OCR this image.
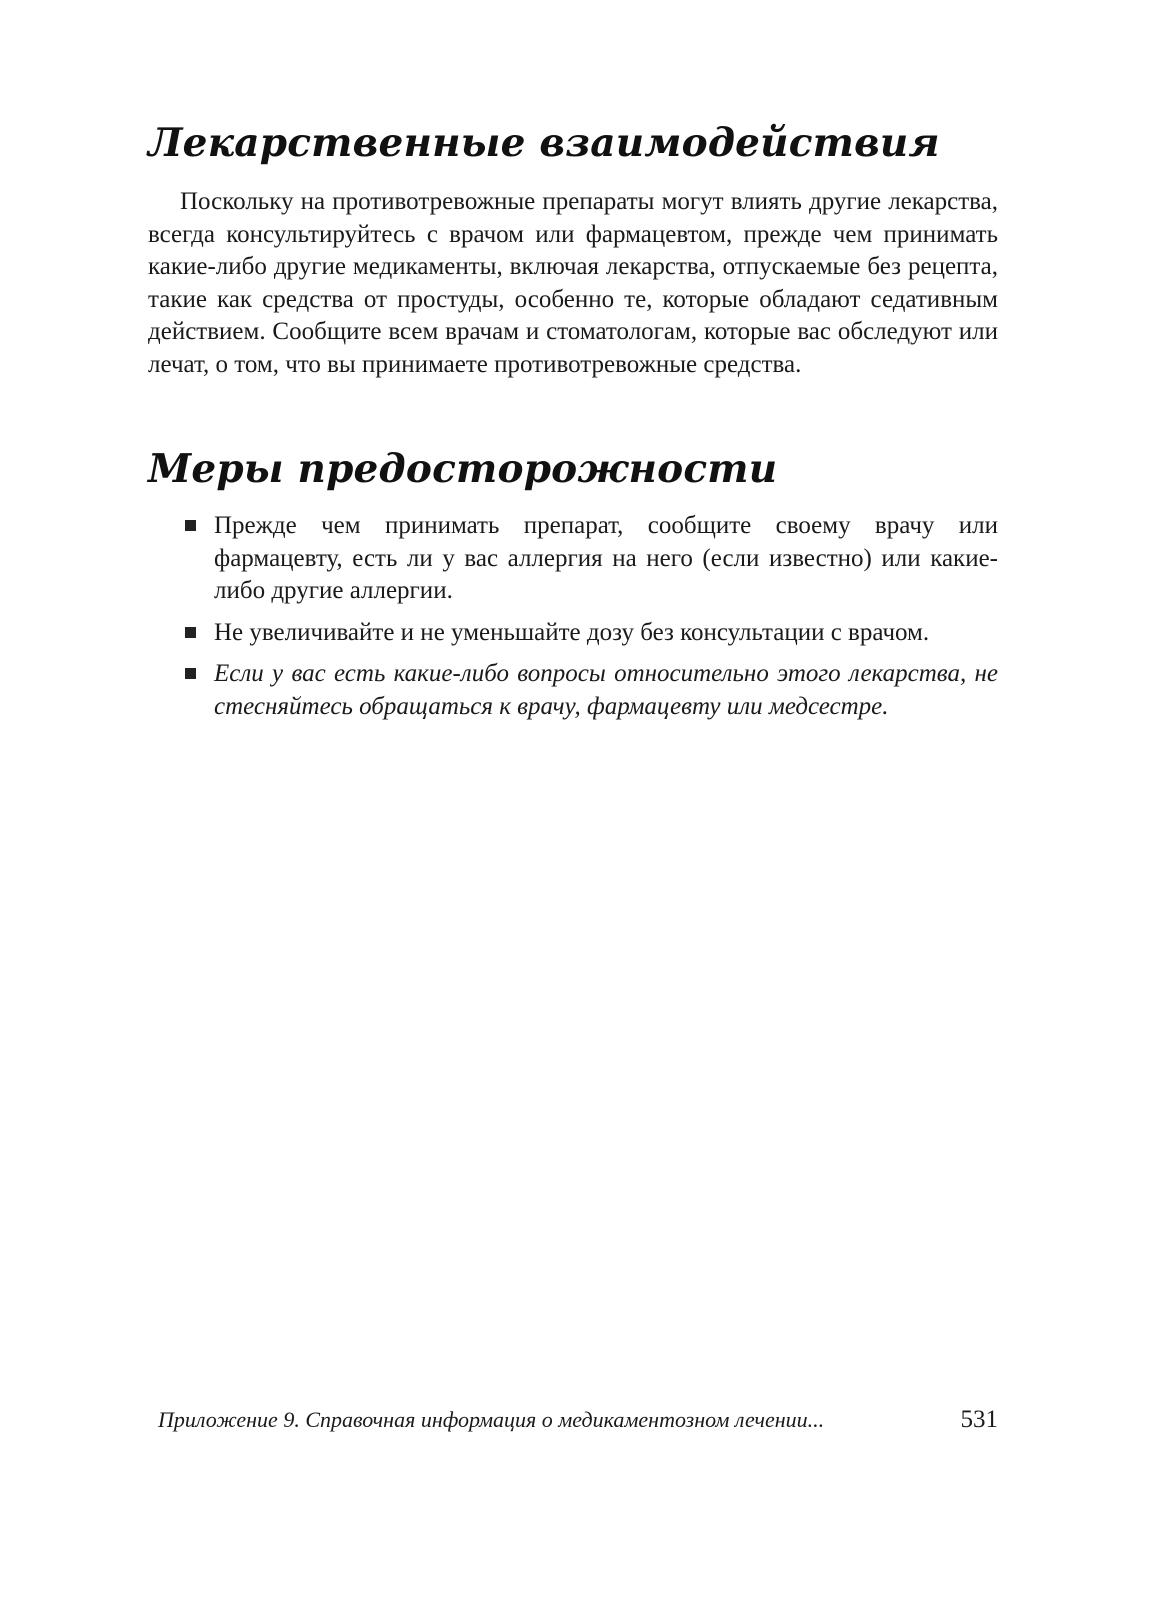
Лекарственные взаимодействия

Поскольку на противотревожные препараты могут влиять другие лекарства, всегда консультируйтесь с врачом или фармацевтом, прежде чем принимать какие-либо другие медикаменты, включая лекарства, отпускаемые без рецепта, такие как средства от простуды, особенно те, которые обладают седативным действием. Сообщите всем врачам и стоматологам, которые вас обследуют или лечат, о том, что вы принимаете противотревожные средства.

Меры предосторожности
Прежде чем принимать препарат, сообщите своему врачу или фармацевту, есть ли у вас аллергия на него (если известно) или какие-либо другие аллергии.
Не увеличивайте и не уменьшайте дозу без консультации с врачом.
Если у вас есть какие-либо вопросы относительно этого лекарства, не стесняйтесь обращаться к врачу, фармацевту или медсестре.
Приложение 9. Справочная информация о медикаментозном лечении...	531
